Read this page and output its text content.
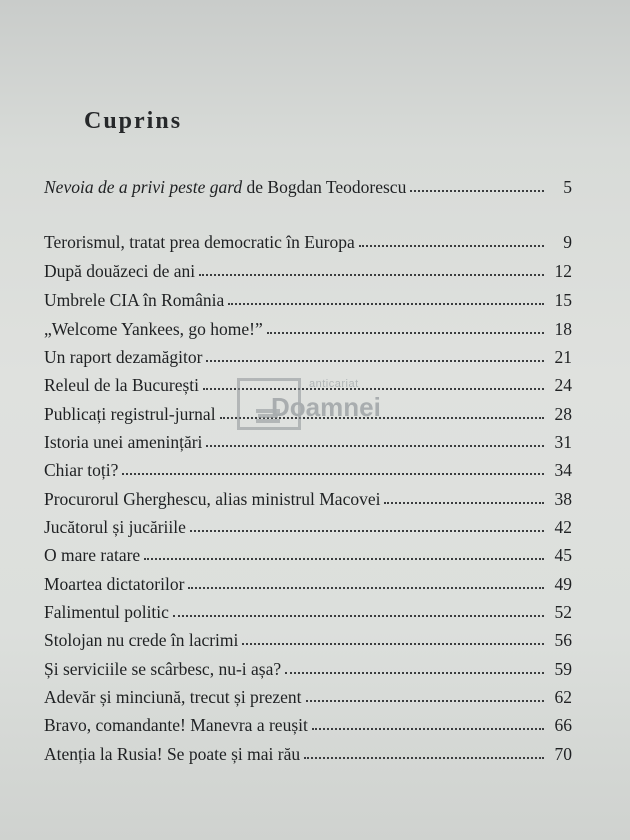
Cuprins
Nevoia de a privi peste gard de Bogdan Teodorescu	5
Terorismul, tratat prea democratic în Europa	9
După douăzeci de ani	12
Umbrele CIA în România	15
„Welcome Yankees, go home!”	18
Un raport dezamăgitor	21
Releul de la București	24
Publicați registrul-jurnal	28
Istoria unei amenințări	31
Chiar toți?	34
Procurorul Gherghescu, alias ministrul Macovei	38
Jucătorul și jucăriile	42
O mare ratare	45
Moartea dictatorilor	49
Falimentul politic	52
Stolojan nu crede în lacrimi	56
Și serviciile se scârbesc, nu-i așa?	59
Adevăr și minciună, trecut și prezent	62
Bravo, comandante! Manevra a reușit	66
Atenția la Rusia! Se poate și mai rău	70
anticariat
Doamnei
